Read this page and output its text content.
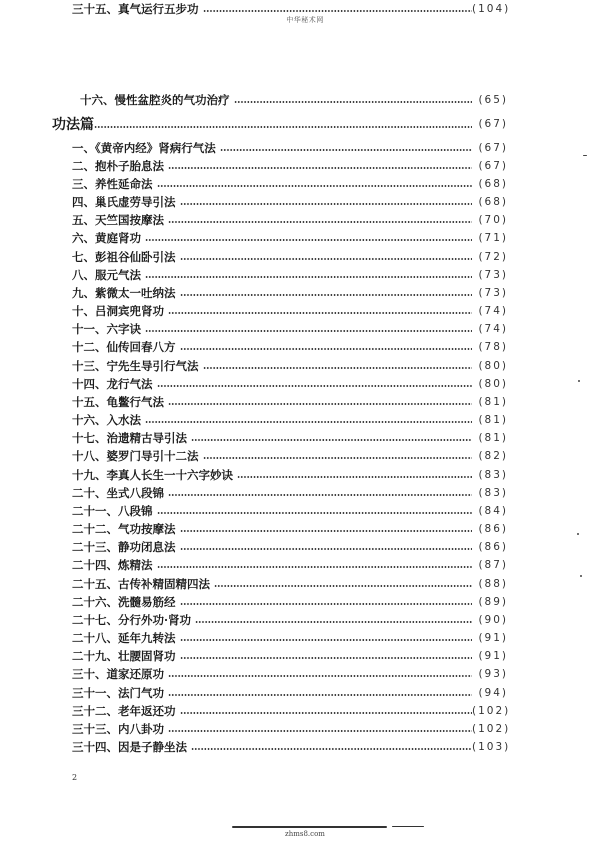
中华秘术网
十六、慢性盆腔炎的气功治疗	(65)
功法篇	(67)
一、《黄帝内经》肾病行气法	(67)
二、抱朴子胎息法	(67)
三、养性延命法	(68)
四、巢氏虚劳导引法	(68)
五、天竺国按摩法	(70)
六、黄庭肾功	(71)
七、彭祖谷仙卧引法	(72)
八、服元气法	(73)
九、紫微太一吐纳法	(73)
十、吕洞宾兜肾功	(74)
十一、六字诀	(74)
十二、仙传回春八方	(78)
十三、宁先生导引行气法	(80)
十四、龙行气法	(80)
十五、龟鳖行气法	(81)
十六、入水法	(81)
十七、治遗精古导引法	(81)
十八、婆罗门导引十二法	(82)
十九、李真人长生一十六字妙诀	(83)
二十、坐式八段锦	(83)
二十一、八段锦	(84)
二十二、气功按摩法	(86)
二十三、静功闭息法	(86)
二十四、炼精法	(87)
二十五、古传补精固精四法	(88)
二十六、洗髓易筋经	(89)
二十七、分行外功·肾功	(90)
二十八、延年九转法	(91)
二十九、壮腰固肾功	(91)
三十、道家还原功	(93)
三十一、法门气功	(94)
三十二、老年返还功	(102)
三十三、内八卦功	(102)
三十四、因是子静坐法	(103)
三十五、真气运行五步功	(104)
2
zhms8.com
